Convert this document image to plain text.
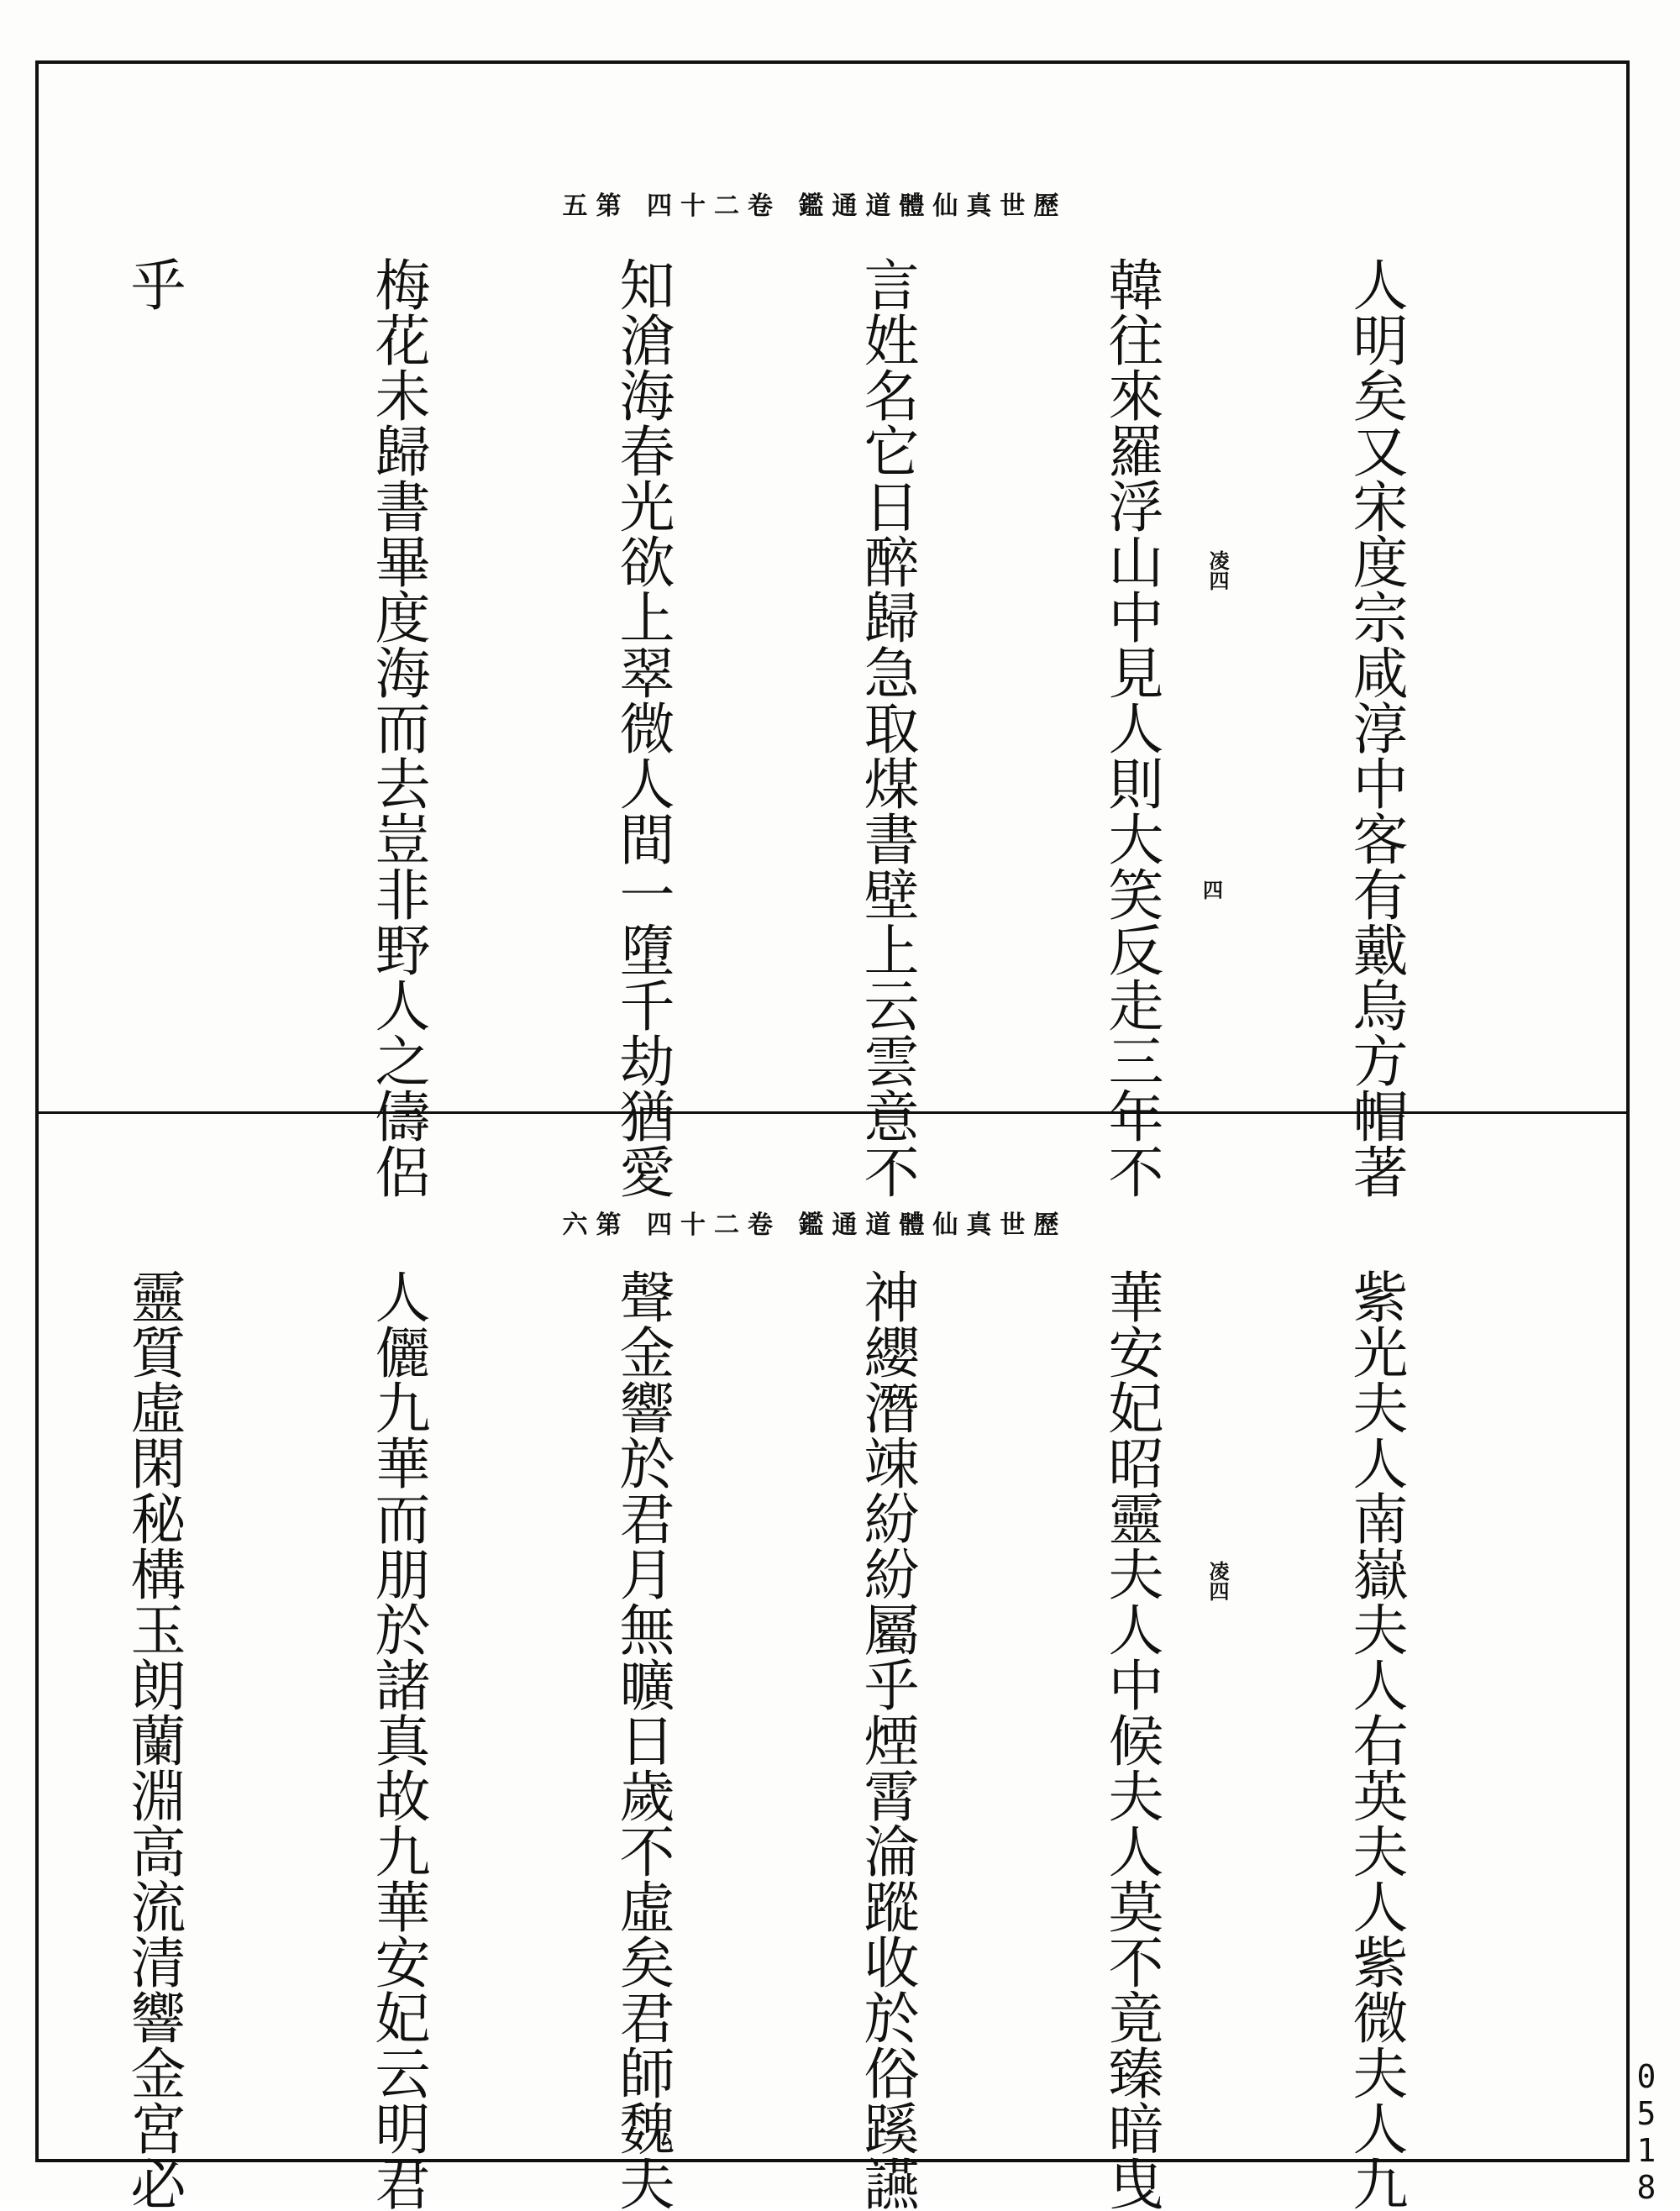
歷世真仙體道通鑑 卷二十四 第五

人明矣又宋度宗咸淳中客有戴烏方帽著

韓往來羅浮山中見人則大笑反走三年不

言姓名它日醉歸急取煤書壁上云雲意不

知滄海春光欲上翠微人間一墮千劫猶愛

梅花未歸書畢度海而去豈非野人之儔侶

乎

凌四
四
歷世真仙體道通鑑 卷二十四 第六

紫光夫人南嶽夫人右英夫人紫微夫人九

華安妃昭靈夫人中候夫人莫不竟臻暗曳

神纓潛竦紛紛屬乎煙霄淪蹤收於俗蹊讌

聲金響於君月無曠日歲不虛矣君師魏夫

人儷九華而朋於諸真故九華安妃云明君

靈質虛閑秘構玉朗蘭淵高流清響金宮必

	凌四
0518
